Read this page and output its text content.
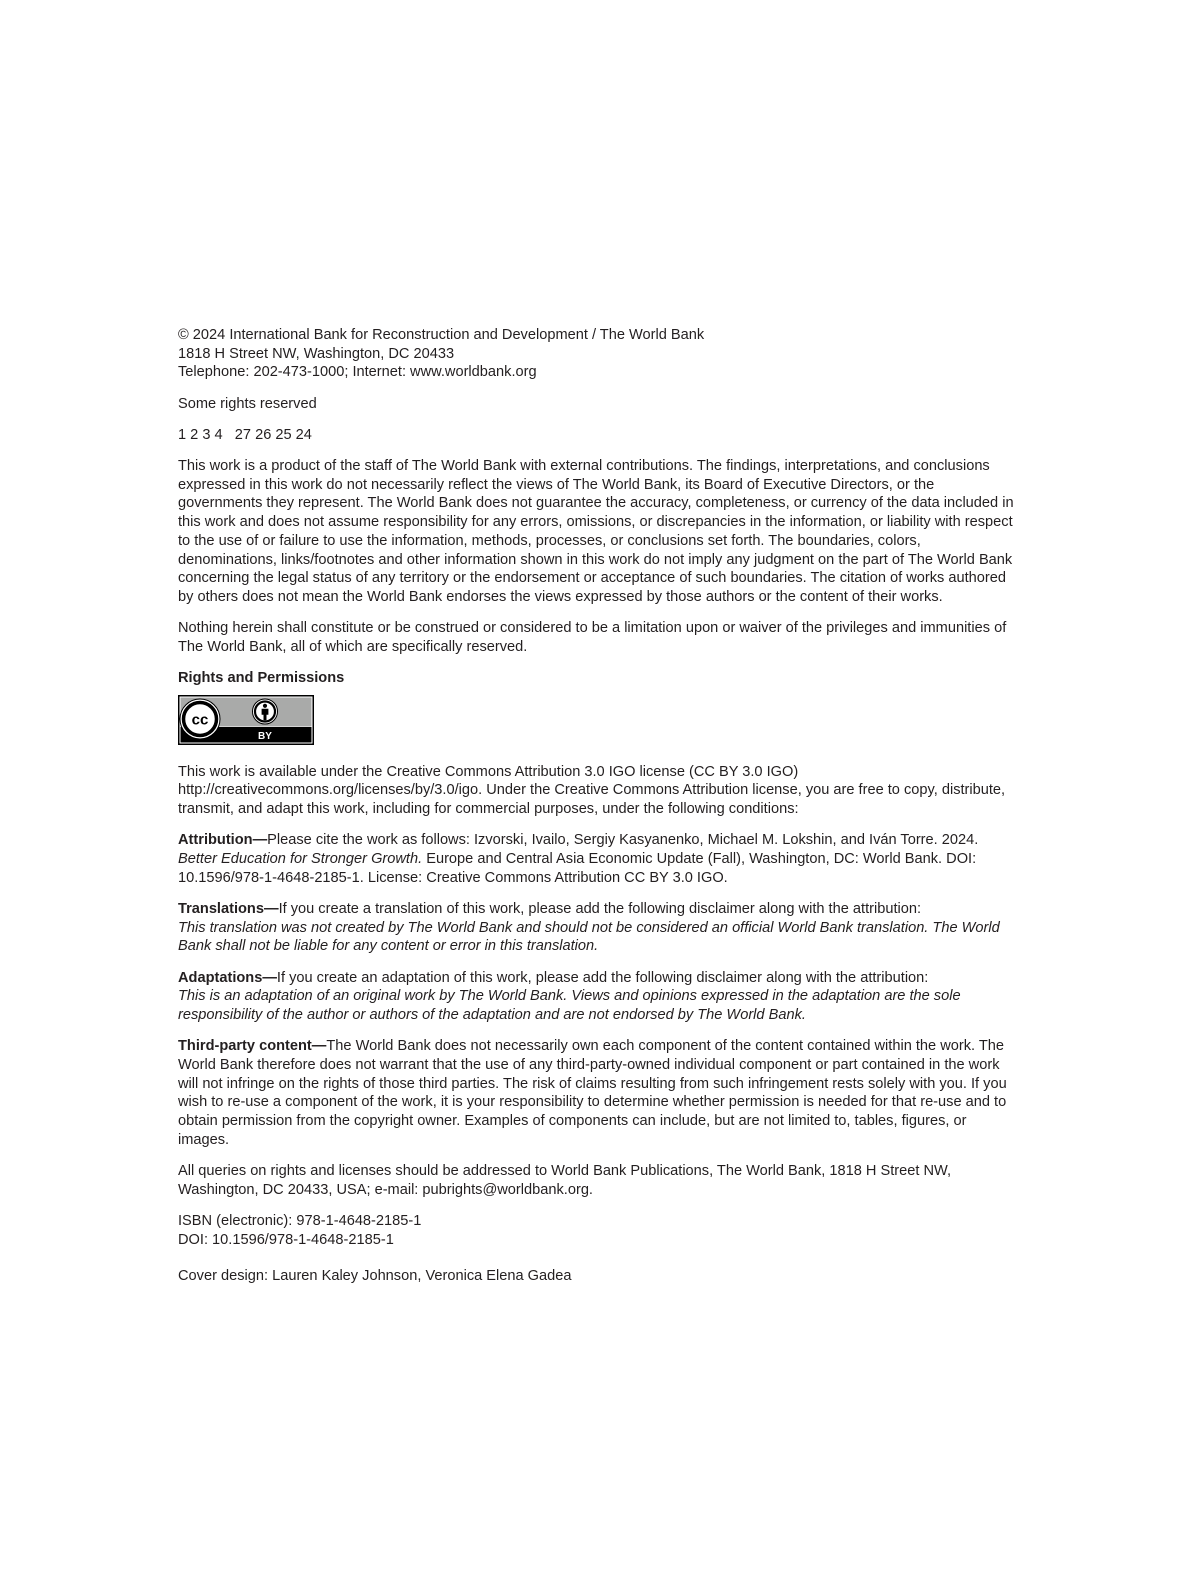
© 2024 International Bank for Reconstruction and Development / The World Bank
1818 H Street NW, Washington, DC 20433
Telephone: 202-473-1000; Internet: www.worldbank.org

Some rights reserved

1 2 3 4   27 26 25 24

This work is a product of the staff of The World Bank with external contributions. The findings, interpretations, and conclusions expressed in this work do not necessarily reflect the views of The World Bank, its Board of Executive Directors, or the governments they represent. The World Bank does not guarantee the accuracy, completeness, or currency of the data included in this work and does not assume responsibility for any errors, omissions, or discrepancies in the information, or liability with respect to the use of or failure to use the information, methods, processes, or conclusions set forth. The boundaries, colors, denominations, links/footnotes and other information shown in this work do not imply any judgment on the part of The World Bank concerning the legal status of any territory or the endorsement or acceptance of such boundaries. The citation of works authored by others does not mean the World Bank endorses the views expressed by those authors or the content of their works.

Nothing herein shall constitute or be construed or considered to be a limitation upon or waiver of the privileges and immunities of The World Bank, all of which are specifically reserved.

Rights and Permissions

cc
BY

This work is available under the Creative Commons Attribution 3.0 IGO license (CC BY 3.0 IGO) http://creativecommons.org/licenses/by/3.0/igo. Under the Creative Commons Attribution license, you are free to copy, distribute, transmit, and adapt this work, including for commercial purposes, under the following conditions:

Attribution—Please cite the work as follows: Izvorski, Ivailo, Sergiy Kasyanenko, Michael M. Lokshin, and Iván Torre. 2024. Better Education for Stronger Growth. Europe and Central Asia Economic Update (Fall), Washington, DC: World Bank. DOI: 10.1596/978-1-4648-2185-1. License: Creative Commons Attribution CC BY 3.0 IGO.

Translations—If you create a translation of this work, please add the following disclaimer along with the attribution:
This translation was not created by The World Bank and should not be considered an official World Bank translation. The World Bank shall not be liable for any content or error in this translation.

Adaptations—If you create an adaptation of this work, please add the following disclaimer along with the attribution:
This is an adaptation of an original work by The World Bank. Views and opinions expressed in the adaptation are the sole responsibility of the author or authors of the adaptation and are not endorsed by The World Bank.

Third-party content—The World Bank does not necessarily own each component of the content contained within the work. The World Bank therefore does not warrant that the use of any third-party-owned individual component or part contained in the work will not infringe on the rights of those third parties. The risk of claims resulting from such infringement rests solely with you. If you wish to re-use a component of the work, it is your responsibility to determine whether permission is needed for that re-use and to obtain permission from the copyright owner. Examples of components can include, but are not limited to, tables, figures, or images.

All queries on rights and licenses should be addressed to World Bank Publications, The World Bank, 1818 H Street NW, Washington, DC 20433, USA; e-mail: pubrights@worldbank.org.

ISBN (electronic): 978-1-4648-2185-1
DOI: 10.1596/978-1-4648-2185-1

Cover design: Lauren Kaley Johnson, Veronica Elena Gadea
